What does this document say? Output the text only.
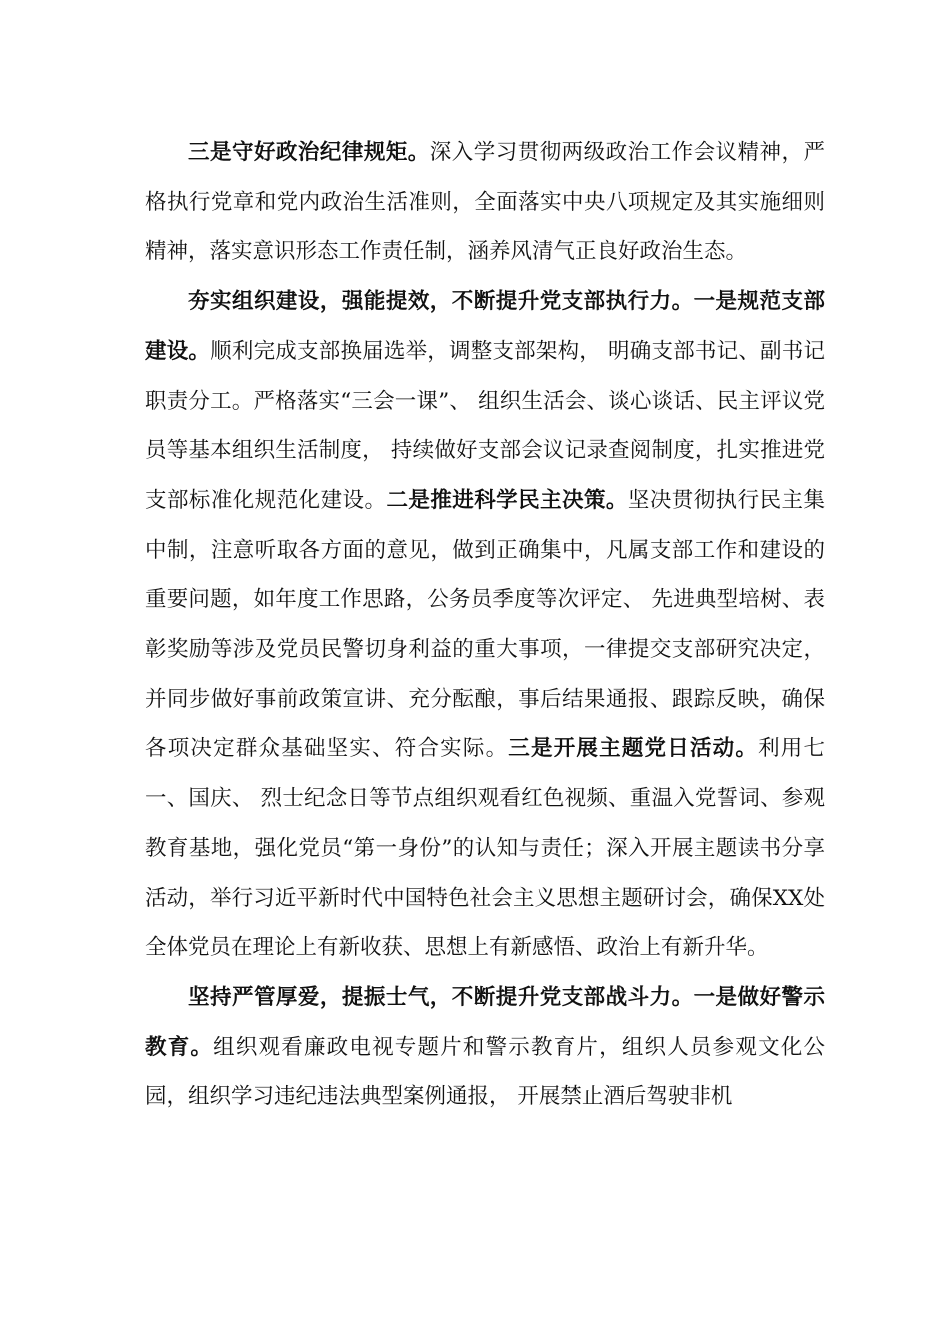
三是守好政治纪律规矩。深入学习贯彻两级政治工作会议精神，严格执行党章和党内政治生活准则，全面落实中央八项规定及其实施细则精神，落实意识形态工作责任制，涵养风清气正良好政治生态。

夯实组织建设，强能提效，不断提升党支部执行力。一是规范支部建设。顺利完成支部换届选举，调整支部架构， 明确支部书记、副书记职责分工。严格落实“三会一课”、 组织生活会、谈心谈话、民主评议党员等基本组织生活制度， 持续做好支部会议记录查阅制度，扎实推进党支部标准化规范化建设。二是推进科学民主决策。坚决贯彻执行民主集中制，注意听取各方面的意见，做到正确集中，凡属支部工作和建设的重要问题，如年度工作思路，公务员季度等次评定、 先进典型培树、表彰奖励等涉及党员民警切身利益的重大事项，一律提交支部研究决定，并同步做好事前政策宣讲、充分酝酿，事后结果通报、跟踪反映，确保各项决定群众基础坚实、符合实际。三是开展主题党日活动。利用七一、国庆、 烈士纪念日等节点组织观看红色视频、重温入党誓词、参观教育基地，强化党员“第一身份”的认知与责任；深入开展主题读书分享活动，举行习近平新时代中国特色社会主义思想主题研讨会，确保XX处全体党员在理论上有新收获、思想上有新感悟、政治上有新升华。

坚持严管厚爱，提振士气，不断提升党支部战斗力。一是做好警示教育。组织观看廉政电视专题片和警示教育片，组织人员参观文化公园，组织学习违纪违法典型案例通报， 开展禁止酒后驾驶非机
